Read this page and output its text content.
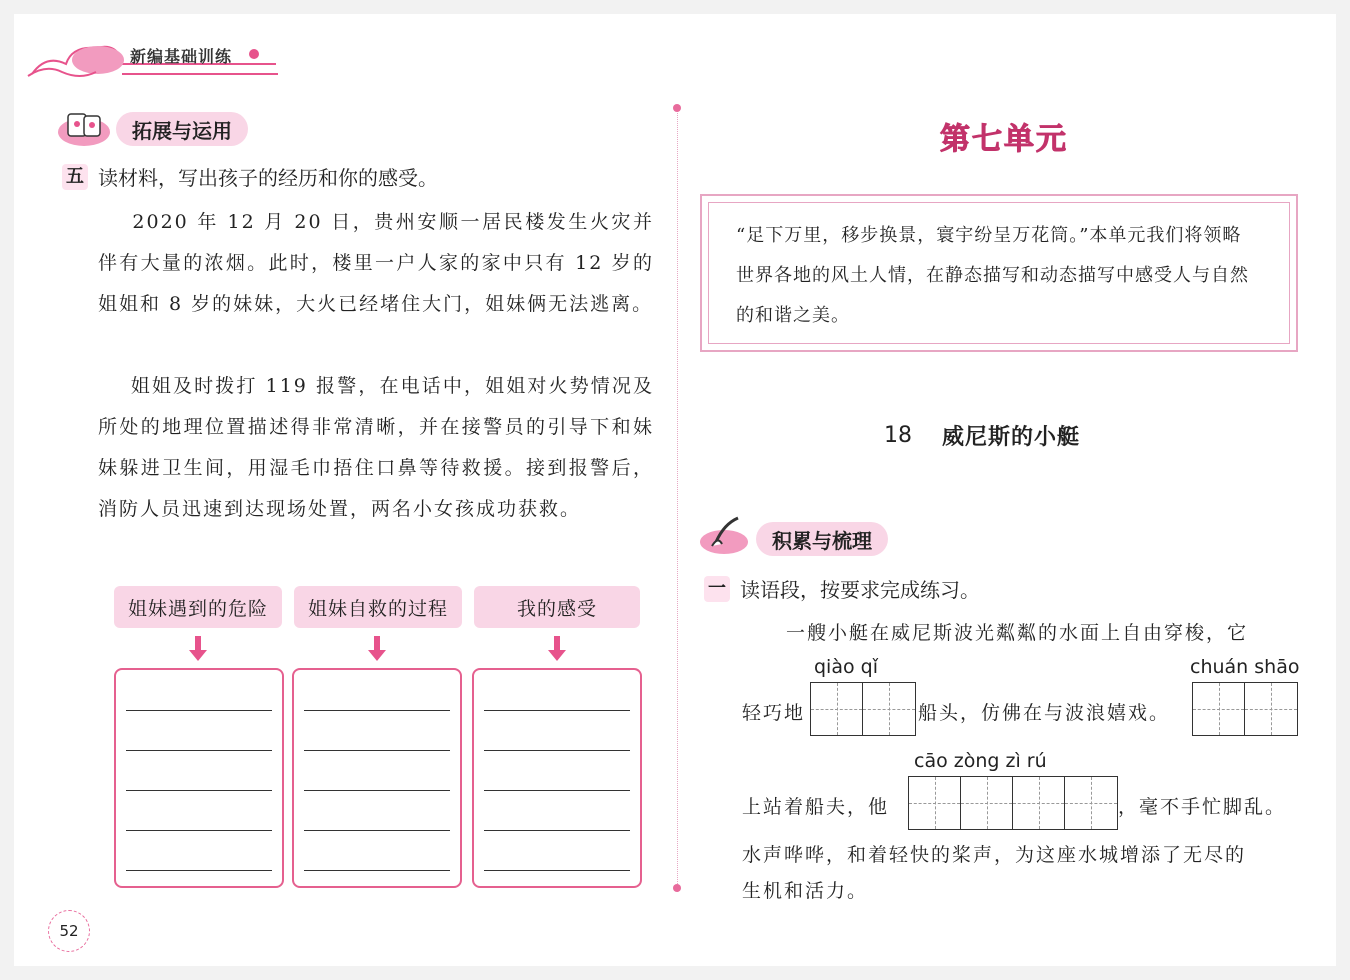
新编基础训练
拓展与运用
五 读材料，写出孩子的经历和你的感受。
2020 年 12 月 20 日，贵州安顺一居民楼发生火灾并伴有大量的浓烟。此时，楼里一户人家的家中只有 12 岁的姐姐和 8 岁的妹妹，大火已经堵住大门，姐妹俩无法逃离。
姐姐及时拨打 119 报警，在电话中，姐姐对火势情况及所处的地理位置描述得非常清晰，并在接警员的引导下和妹妹躲进卫生间，用湿毛巾捂住口鼻等待救援。接到报警后，消防人员迅速到达现场处置，两名小女孩成功获救。
姐妹遇到的危险	姐妹自救的过程	我的感受
52
第七单元
“足下万里，移步换景，寰宇纷呈万花筒。”本单元我们将领略世界各地的风土人情，在静态描写和动态描写中感受人与自然的和谐之美。
18 威尼斯的小艇
积累与梳理
一 读语段，按要求完成练习。
一艘小艇在威尼斯波光粼粼的水面上自由穿梭，它
qiào qǐ	chuán shāo
轻巧地	船头，仿佛在与波浪嬉戏。
cāo zòng zì rú
上站着船夫，他	，毫不手忙脚乱。
水声哗哗，和着轻快的桨声，为这座水城增添了无尽的
生机和活力。
